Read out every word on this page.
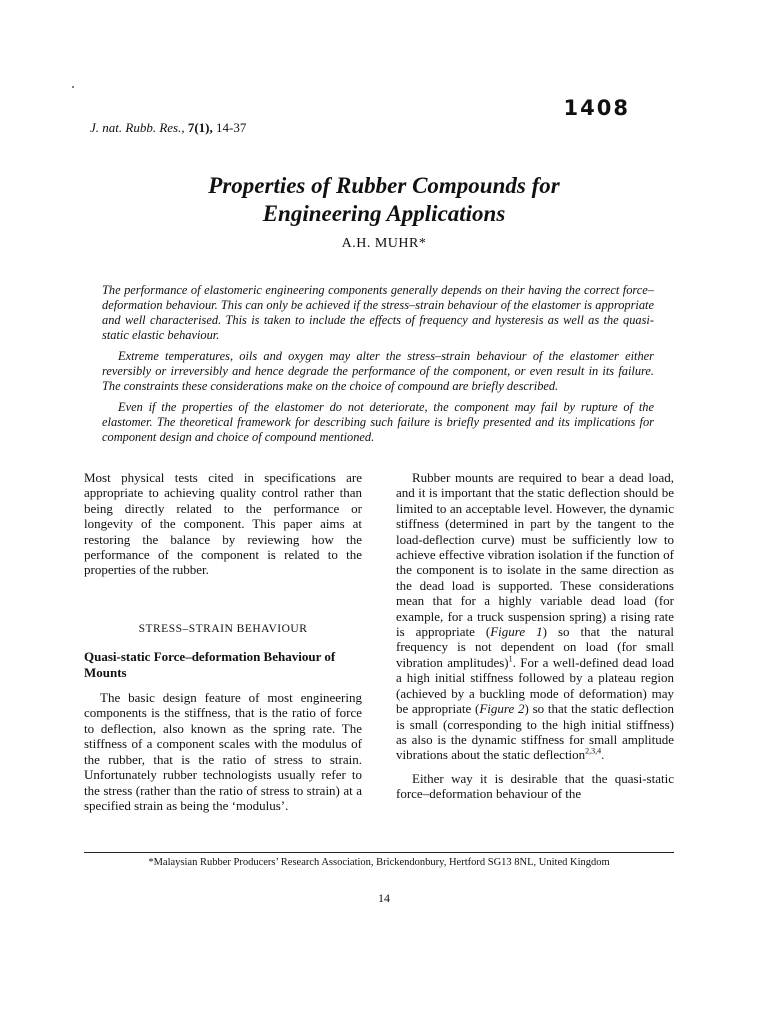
1408
J. nat. Rubb. Res., 7(1), 14-37
Properties of Rubber Compounds for
Engineering Applications
A.H. MUHR*

The performance of elastomeric engineering components generally depends on their having the correct force–deformation behaviour. This can only be achieved if the stress–strain behaviour of the elastomer is appropriate and well characterised. This is taken to include the effects of frequency and hysteresis as well as the quasi-static elastic behaviour.

Extreme temperatures, oils and oxygen may alter the stress–strain behaviour of the elastomer either reversibly or irreversibly and hence degrade the performance of the component, or even result in its failure. The constraints these considerations make on the choice of compound are briefly described.

Even if the properties of the elastomer do not deteriorate, the component may fail by rupture of the elastomer. The theoretical framework for describing such failure is briefly presented and its implications for component design and choice of compound mentioned.

Most physical tests cited in specifications are appropriate to achieving quality control rather than being directly related to the performance or longevity of the component. This paper aims at restoring the balance by reviewing how the performance of the component is related to the properties of the rubber.

STRESS–STRAIN BEHAVIOUR

Quasi-static Force–deformation Behaviour of Mounts

The basic design feature of most engineering components is the stiffness, that is the ratio of force to deflection, also known as the spring rate. The stiffness of a component scales with the modulus of the rubber, that is the ratio of stress to strain. Unfortunately rubber technologists usually refer to the stress (rather than the ratio of stress to strain) at a specified strain as being the ‘modulus’.

Rubber mounts are required to bear a dead load, and it is important that the static deflection should be limited to an acceptable level. However, the dynamic stiffness (determined in part by the tangent to the load-deflection curve) must be sufficiently low to achieve effective vibration isolation if the function of the component is to isolate in the same direction as the dead load is supported. These considerations mean that for a highly variable dead load (for example, for a truck suspension spring) a rising rate is appropriate (Figure 1) so that the natural frequency is not dependent on load (for small vibration amplitudes)$^1$. For a well-defined dead load a high initial stiffness followed by a plateau region (achieved by a buckling mode of deformation) may be appropriate (Figure 2) so that the static deflection is small (corresponding to the high initial stiffness) as also is the dynamic stiffness for small amplitude vibrations about the static deflection$^{2,3,4}$.

Either way it is desirable that the quasi-static force–deformation behaviour of the

*Malaysian Rubber Producers’ Research Association, Brickendonbury, Hertford SG13 8NL, United Kingdom
14
